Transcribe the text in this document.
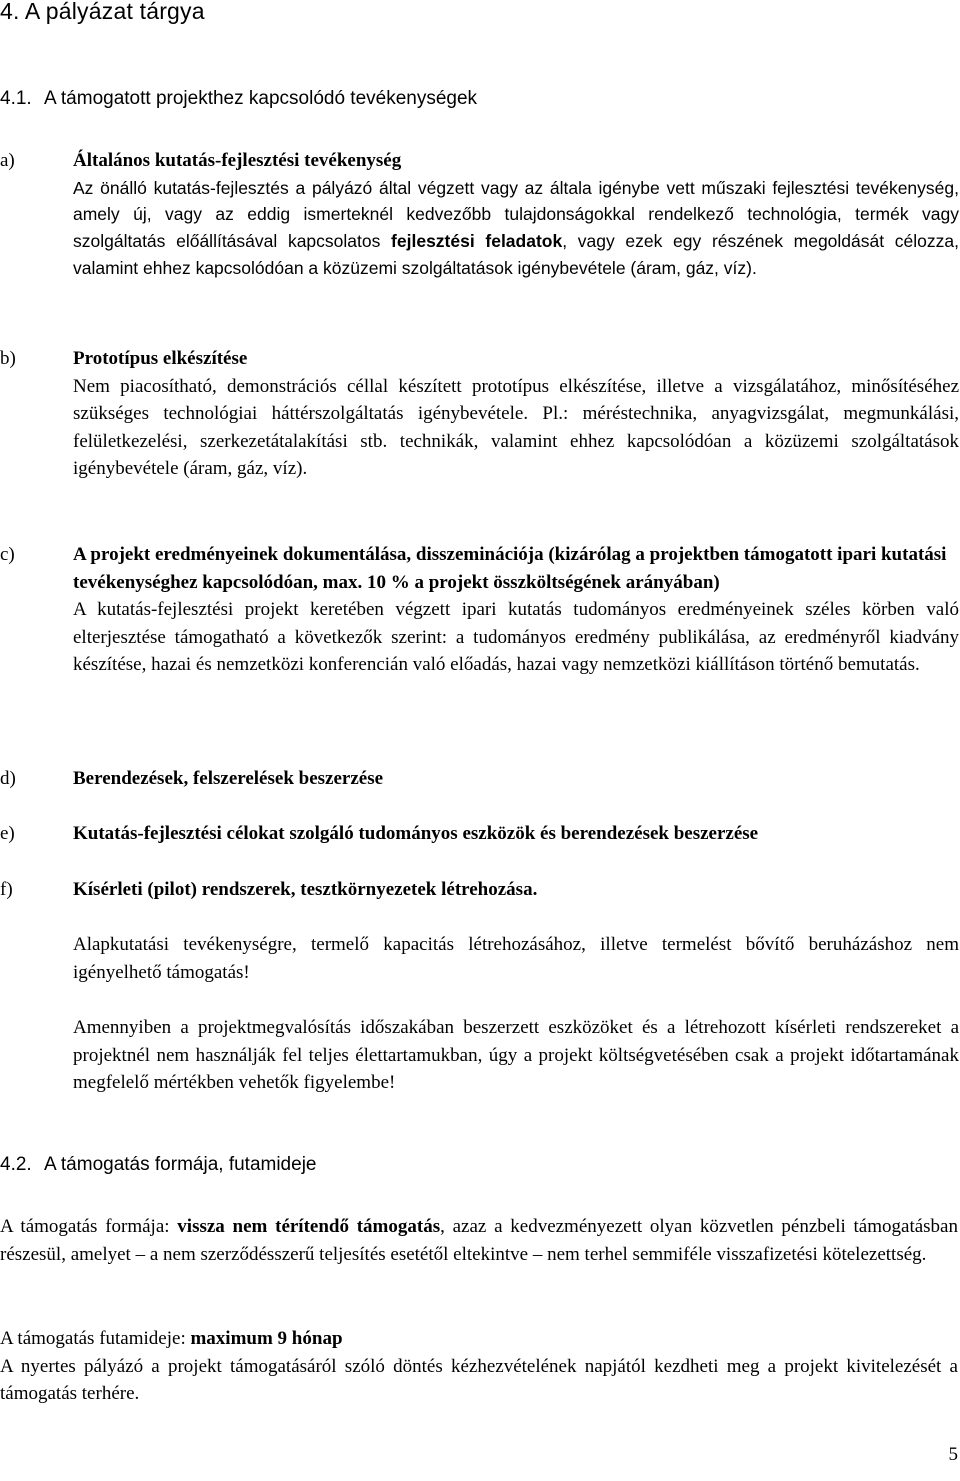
4. A pályázat tárgya
4.1. A támogatott projekthez kapcsolódó tevékenységek
a)	Általános kutatás-fejlesztési tevékenység
Az önálló kutatás-fejlesztés a pályázó által végzett vagy az általa igénybe vett műszaki fejlesztési tevékenység, amely új, vagy az eddig ismerteknél kedvezőbb tulajdonságokkal rendelkező technológia, termék vagy szolgáltatás előállításával kapcsolatos fejlesztési feladatok, vagy ezek egy részének megoldását célozza, valamint ehhez kapcsolódóan a közüzemi szolgáltatások igénybevétele (áram, gáz, víz).
b)	Prototípus elkészítése
Nem piacosítható, demonstrációs céllal készített prototípus elkészítése, illetve a vizsgálatához, minősítéséhez szükséges technológiai háttérszolgáltatás igénybevétele. Pl.: méréstechnika, anyagvizsgálat, megmunkálási, felületkezelési, szerkezetátalakítási stb. technikák, valamint ehhez kapcsolódóan a közüzemi szolgáltatások igénybevétele (áram, gáz, víz).
c)	A projekt eredményeinek dokumentálása, disszeminációja (kizárólag a projektben támogatott ipari kutatási tevékenységhez kapcsolódóan, max. 10 % a projekt összköltségének arányában)
A kutatás-fejlesztési projekt keretében végzett ipari kutatás tudományos eredményeinek széles körben való elterjesztése támogatható a következők szerint: a tudományos eredmény publikálása, az eredményről kiadvány készítése, hazai és nemzetközi konferencián való előadás, hazai vagy nemzetközi kiállításon történő bemutatás.
d)	Berendezések, felszerelések beszerzése
e)	Kutatás-fejlesztési célokat szolgáló tudományos eszközök és berendezések beszerzése
f)	Kísérleti (pilot) rendszerek, tesztkörnyezetek létrehozása.
Alapkutatási tevékenységre, termelő kapacitás létrehozásához, illetve termelést bővítő beruházáshoz nem igényelhető támogatás!
Amennyiben a projektmegvalósítás időszakában beszerzett eszközöket és a létrehozott kísérleti rendszereket a projektnél nem használják fel teljes élettartamukban, úgy a projekt költségvetésében csak a projekt időtartamának megfelelő mértékben vehetők figyelembe!
4.2. A támogatás formája, futamideje
A támogatás formája: vissza nem térítendő támogatás, azaz a kedvezményezett olyan közvetlen pénzbeli támogatásban részesül, amelyet – a nem szerződésszerű teljesítés esetétől eltekintve – nem terhel semmiféle visszafizetési kötelezettség.
A támogatás futamideje: maximum 9 hónap
A nyertes pályázó a projekt támogatásáról szóló döntés kézhezvételének napjától kezdheti meg a projekt kivitelezését a támogatás terhére.
5
